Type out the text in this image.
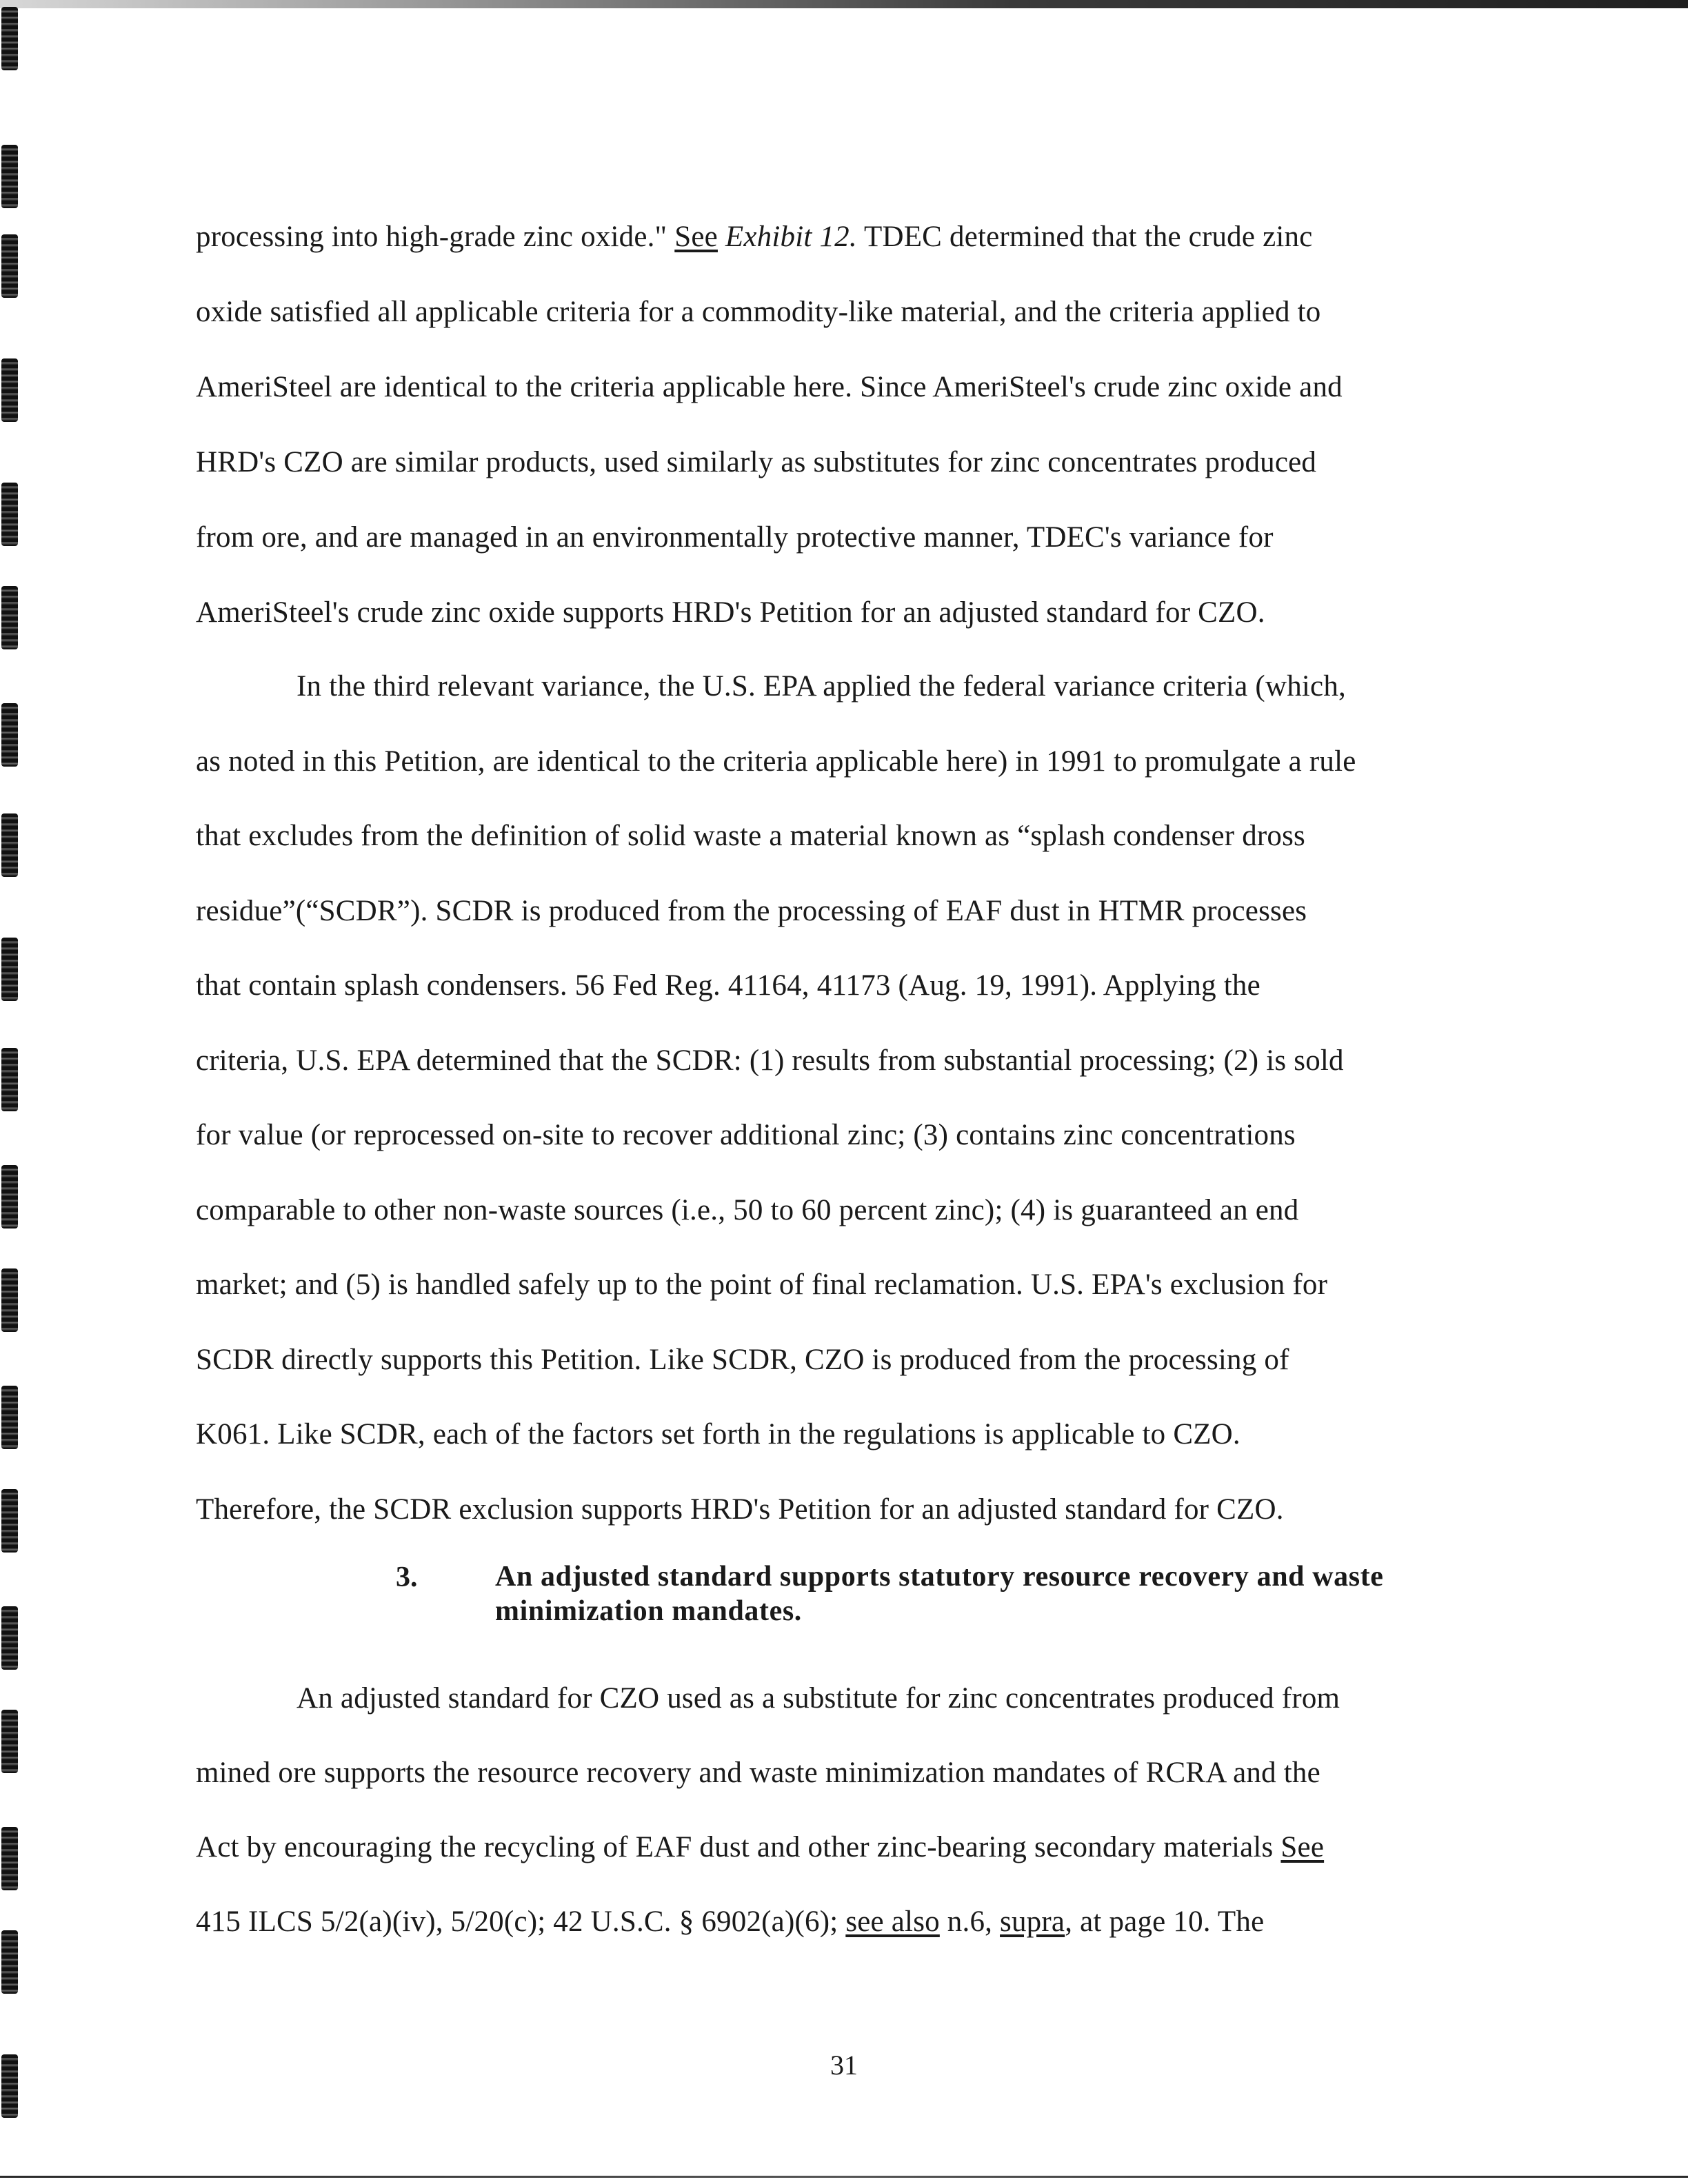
processing into high-grade zinc oxide." See Exhibit 12. TDEC determined that the crude zinc
oxide satisfied all applicable criteria for a commodity-like material, and the criteria applied to
AmeriSteel are identical to the criteria applicable here. Since AmeriSteel's crude zinc oxide and
HRD's CZO are similar products, used similarly as substitutes for zinc concentrates produced
from ore, and are managed in an environmentally protective manner, TDEC's variance for
AmeriSteel's crude zinc oxide supports HRD's Petition for an adjusted standard for CZO.
In the third relevant variance, the U.S. EPA applied the federal variance criteria (which,
as noted in this Petition, are identical to the criteria applicable here) in 1991 to promulgate a rule
that excludes from the definition of solid waste a material known as “splash condenser dross
residue”(“SCDR”). SCDR is produced from the processing of EAF dust in HTMR processes
that contain splash condensers. 56 Fed Reg. 41164, 41173 (Aug. 19, 1991). Applying the
criteria, U.S. EPA determined that the SCDR: (1) results from substantial processing; (2) is sold
for value (or reprocessed on-site to recover additional zinc; (3) contains zinc concentrations
comparable to other non-waste sources (i.e., 50 to 60 percent zinc); (4) is guaranteed an end
market; and (5) is handled safely up to the point of final reclamation. U.S. EPA's exclusion for
SCDR directly supports this Petition. Like SCDR, CZO is produced from the processing of
K061. Like SCDR, each of the factors set forth in the regulations is applicable to CZO.
Therefore, the SCDR exclusion supports HRD's Petition for an adjusted standard for CZO.
3.	An adjusted standard supports statutory resource recovery and waste minimization mandates.
An adjusted standard for CZO used as a substitute for zinc concentrates produced from
mined ore supports the resource recovery and waste minimization mandates of RCRA and the
Act by encouraging the recycling of EAF dust and other zinc-bearing secondary materials See
415 ILCS 5/2(a)(iv), 5/20(c); 42 U.S.C. § 6902(a)(6); see also n.6, supra, at page 10. The
31
